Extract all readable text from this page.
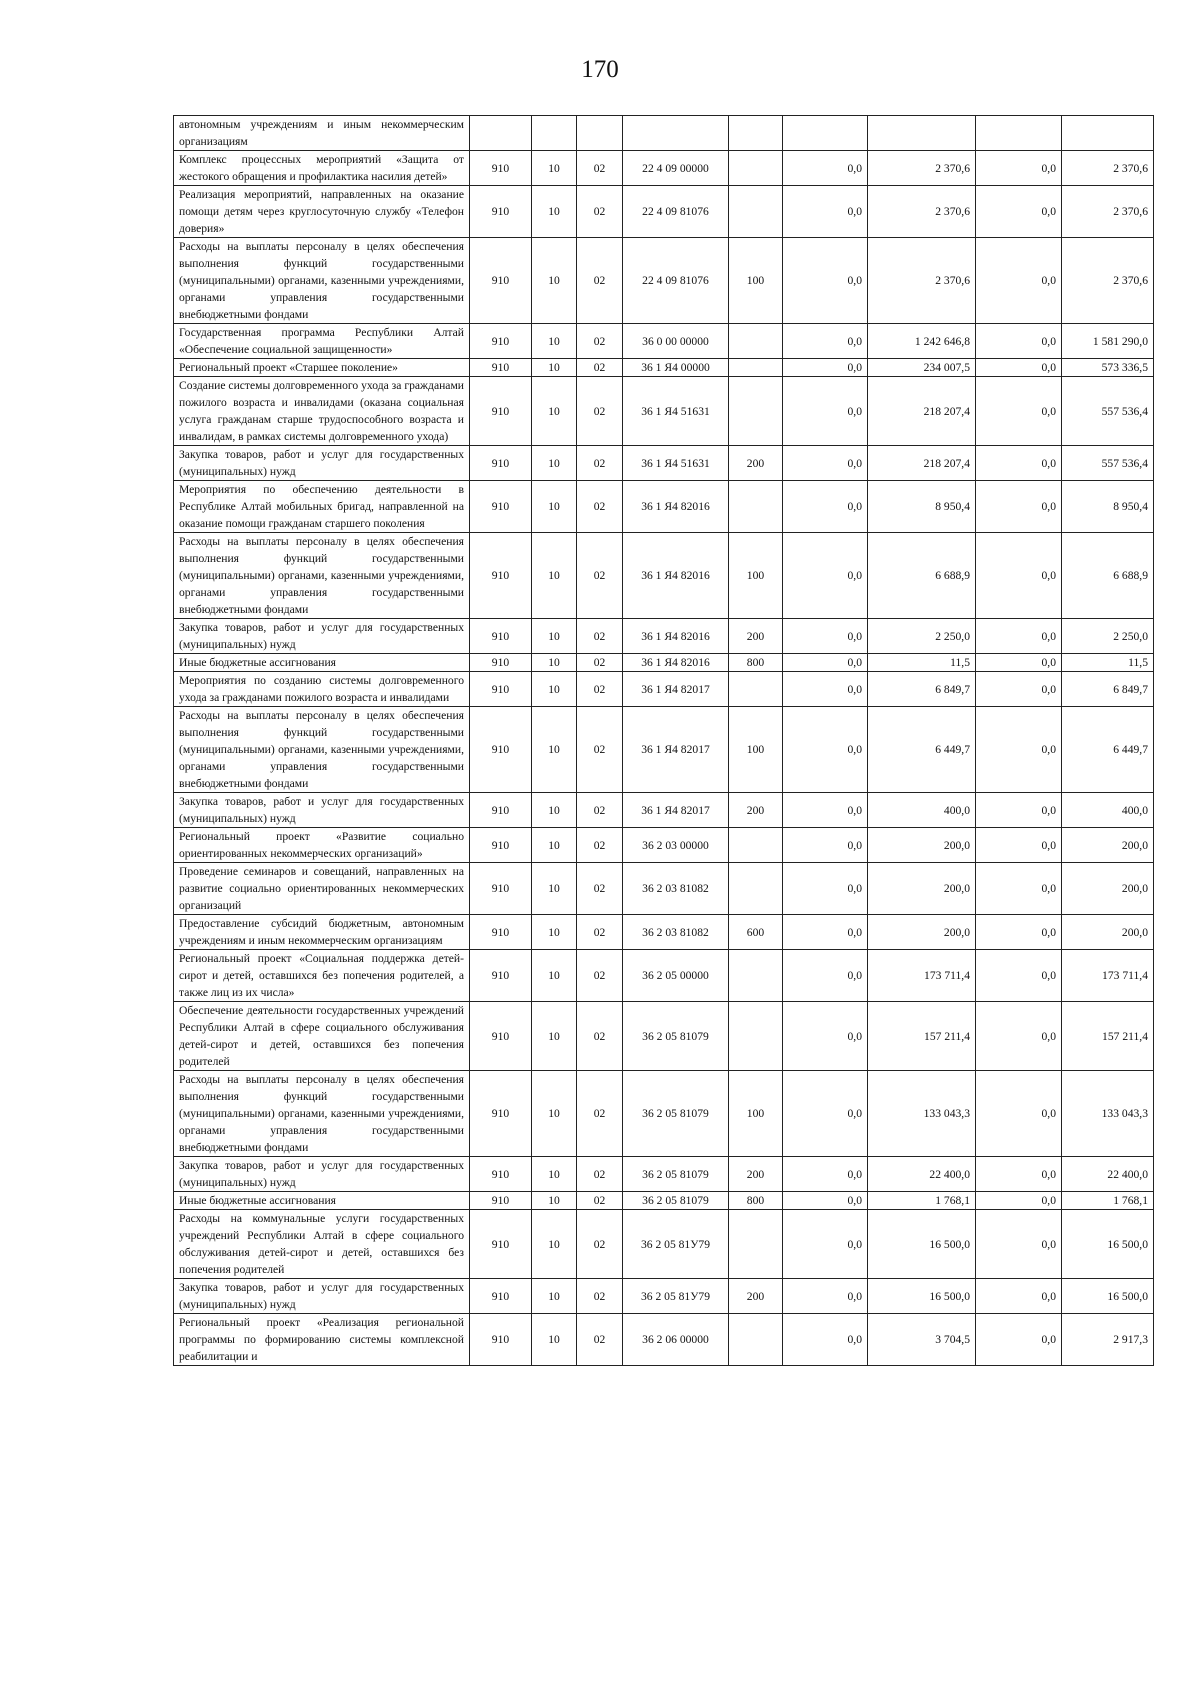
170
автономным учреждениям и иным некоммерческим организациям									
Комплекс процессных мероприятий «Защита от жестокого обращения и профилактика насилия детей»	910	10	02	22 4 09 00000		0,0	2 370,6	0,0	2 370,6
Реализация мероприятий, направленных на оказание помощи детям через круглосуточную службу «Телефон доверия»	910	10	02	22 4 09 81076		0,0	2 370,6	0,0	2 370,6
Расходы на выплаты персоналу в целях обеспечения выполнения функций государственными (муниципальными) органами, казенными учреждениями, органами управления государственными внебюджетными фондами	910	10	02	22 4 09 81076	100	0,0	2 370,6	0,0	2 370,6
Государственная программа Республики Алтай «Обеспечение социальной защищенности»	910	10	02	36 0 00 00000		0,0	1 242 646,8	0,0	1 581 290,0
Региональный проект «Старшее поколение»	910	10	02	36 1 Я4 00000		0,0	234 007,5	0,0	573 336,5
Создание системы долговременного ухода за гражданами пожилого возраста и инвалидами (оказана социальная услуга гражданам старше трудоспособного возраста и инвалидам, в рамках системы долговременного ухода)	910	10	02	36 1 Я4 51631		0,0	218 207,4	0,0	557 536,4
Закупка товаров, работ и услуг для государственных (муниципальных) нужд	910	10	02	36 1 Я4 51631	200	0,0	218 207,4	0,0	557 536,4
Мероприятия по обеспечению деятельности в Республике Алтай мобильных бригад, направленной на оказание помощи гражданам старшего поколения	910	10	02	36 1 Я4 82016		0,0	8 950,4	0,0	8 950,4
Расходы на выплаты персоналу в целях обеспечения выполнения функций государственными (муниципальными) органами, казенными учреждениями, органами управления государственными внебюджетными фондами	910	10	02	36 1 Я4 82016	100	0,0	6 688,9	0,0	6 688,9
Закупка товаров, работ и услуг для государственных (муниципальных) нужд	910	10	02	36 1 Я4 82016	200	0,0	2 250,0	0,0	2 250,0
Иные бюджетные ассигнования	910	10	02	36 1 Я4 82016	800	0,0	11,5	0,0	11,5
Мероприятия по созданию системы долговременного ухода за гражданами пожилого возраста и инвалидами	910	10	02	36 1 Я4 82017		0,0	6 849,7	0,0	6 849,7
Расходы на выплаты персоналу в целях обеспечения выполнения функций государственными (муниципальными) органами, казенными учреждениями, органами управления государственными внебюджетными фондами	910	10	02	36 1 Я4 82017	100	0,0	6 449,7	0,0	6 449,7
Закупка товаров, работ и услуг для государственных (муниципальных) нужд	910	10	02	36 1 Я4 82017	200	0,0	400,0	0,0	400,0
Региональный проект «Развитие социально ориентированных некоммерческих организаций»	910	10	02	36 2 03 00000		0,0	200,0	0,0	200,0
Проведение семинаров и совещаний, направленных на развитие социально ориентированных некоммерческих организаций	910	10	02	36 2 03 81082		0,0	200,0	0,0	200,0
Предоставление субсидий бюджетным, автономным учреждениям и иным некоммерческим организациям	910	10	02	36 2 03 81082	600	0,0	200,0	0,0	200,0
Региональный проект «Социальная поддержка детей-сирот и детей, оставшихся без попечения родителей, а также лиц из их числа»	910	10	02	36 2 05 00000		0,0	173 711,4	0,0	173 711,4
Обеспечение деятельности государственных учреждений Республики Алтай в сфере социального обслуживания детей-сирот и детей, оставшихся без попечения родителей	910	10	02	36 2 05 81079		0,0	157 211,4	0,0	157 211,4
Расходы на выплаты персоналу в целях обеспечения выполнения функций государственными (муниципальными) органами, казенными учреждениями, органами управления государственными внебюджетными фондами	910	10	02	36 2 05 81079	100	0,0	133 043,3	0,0	133 043,3
Закупка товаров, работ и услуг для государственных (муниципальных) нужд	910	10	02	36 2 05 81079	200	0,0	22 400,0	0,0	22 400,0
Иные бюджетные ассигнования	910	10	02	36 2 05 81079	800	0,0	1 768,1	0,0	1 768,1
Расходы на коммунальные услуги государственных учреждений Республики Алтай в сфере социального обслуживания детей-сирот и детей, оставшихся без попечения родителей	910	10	02	36 2 05 81У79		0,0	16 500,0	0,0	16 500,0
Закупка товаров, работ и услуг для государственных (муниципальных) нужд	910	10	02	36 2 05 81У79	200	0,0	16 500,0	0,0	16 500,0
Региональный проект «Реализация региональной программы по формированию системы комплексной реабилитации и	910	10	02	36 2 06 00000		0,0	3 704,5	0,0	2 917,3
